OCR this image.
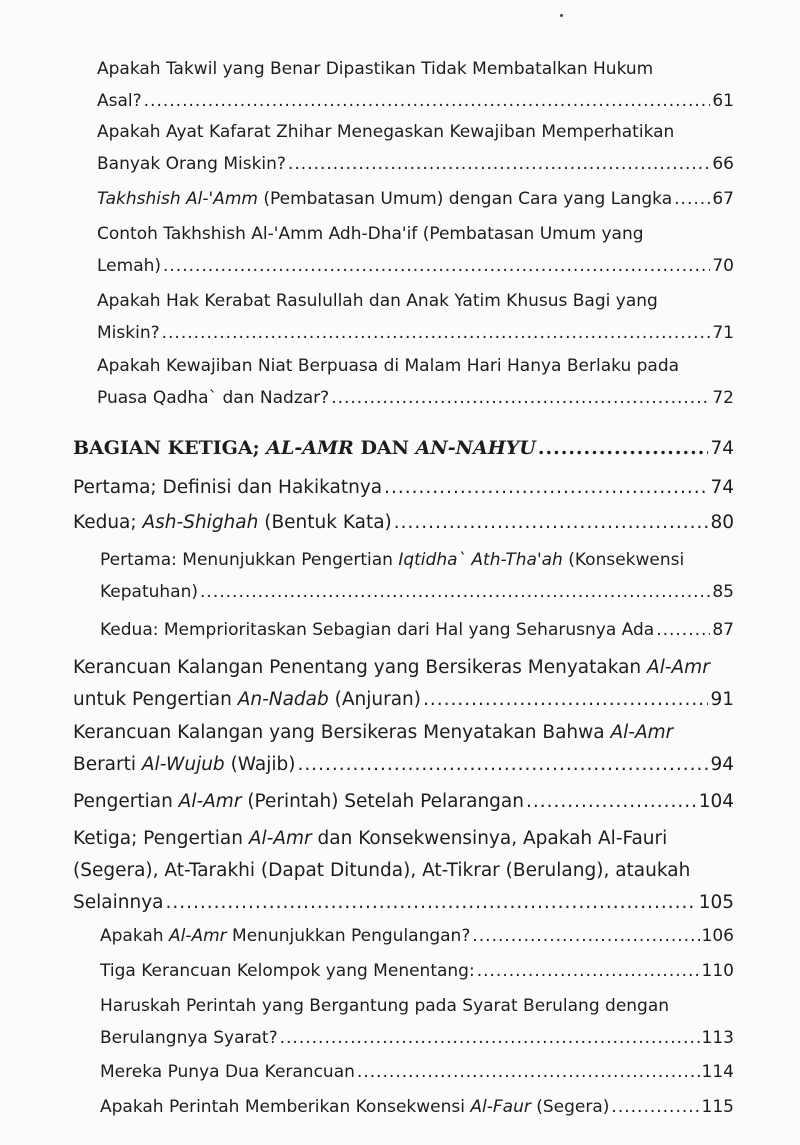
Apakah Takwil yang Benar Dipastikan Tidak Membatalkan Hukum
Asal? .....	61
Apakah Ayat Kafarat Zhihar Menegaskan Kewajiban Memperhatikan
Banyak Orang Miskin? .....	66
Takhshish Al-'Amm (Pembatasan Umum) dengan Cara yang Langka ..... 67
Contoh Takhshish Al-'Amm Adh-Dha'if (Pembatasan Umum yang
Lemah) .....	70
Apakah Hak Kerabat Rasulullah dan Anak Yatim Khusus Bagi yang
Miskin? .....	71
Apakah Kewajiban Niat Berpuasa di Malam Hari Hanya Berlaku pada
Puasa Qadha` dan Nadzar? .....	72
BAGIAN KETIGA; AL-AMR DAN AN-NAHYU .....	74
Pertama; Definisi dan Hakikatnya .....	74
Kedua; Ash-Shighah (Bentuk Kata) .....	80
Pertama: Menunjukkan Pengertian Iqtidha` Ath-Tha'ah (Konsekwensi
Kepatuhan) .....	85
Kedua: Memprioritaskan Sebagian dari Hal yang Seharusnya Ada .....	87
Kerancuan Kalangan Penentang yang Bersikeras Menyatakan Al-Amr
untuk Pengertian An-Nadab (Anjuran) .....	91
Kerancuan Kalangan yang Bersikeras Menyatakan Bahwa Al-Amr
Berarti Al-Wujub (Wajib) .....	94
Pengertian Al-Amr (Perintah) Setelah Pelarangan .....	104
Ketiga; Pengertian Al-Amr dan Konsekwensinya, Apakah Al-Fauri
(Segera), At-Tarakhi (Dapat Ditunda), At-Tikrar (Berulang), ataukah
Selainnya .....	105
Apakah Al-Amr Menunjukkan Pengulangan? .....	106
Tiga Kerancuan Kelompok yang Menentang: .....	110
Haruskah Perintah yang Bergantung pada Syarat Berulang dengan
Berulangnya Syarat? .....	113
Mereka Punya Dua Kerancuan .....	114
Apakah Perintah Memberikan Konsekwensi Al-Faur (Segera) .....	115
